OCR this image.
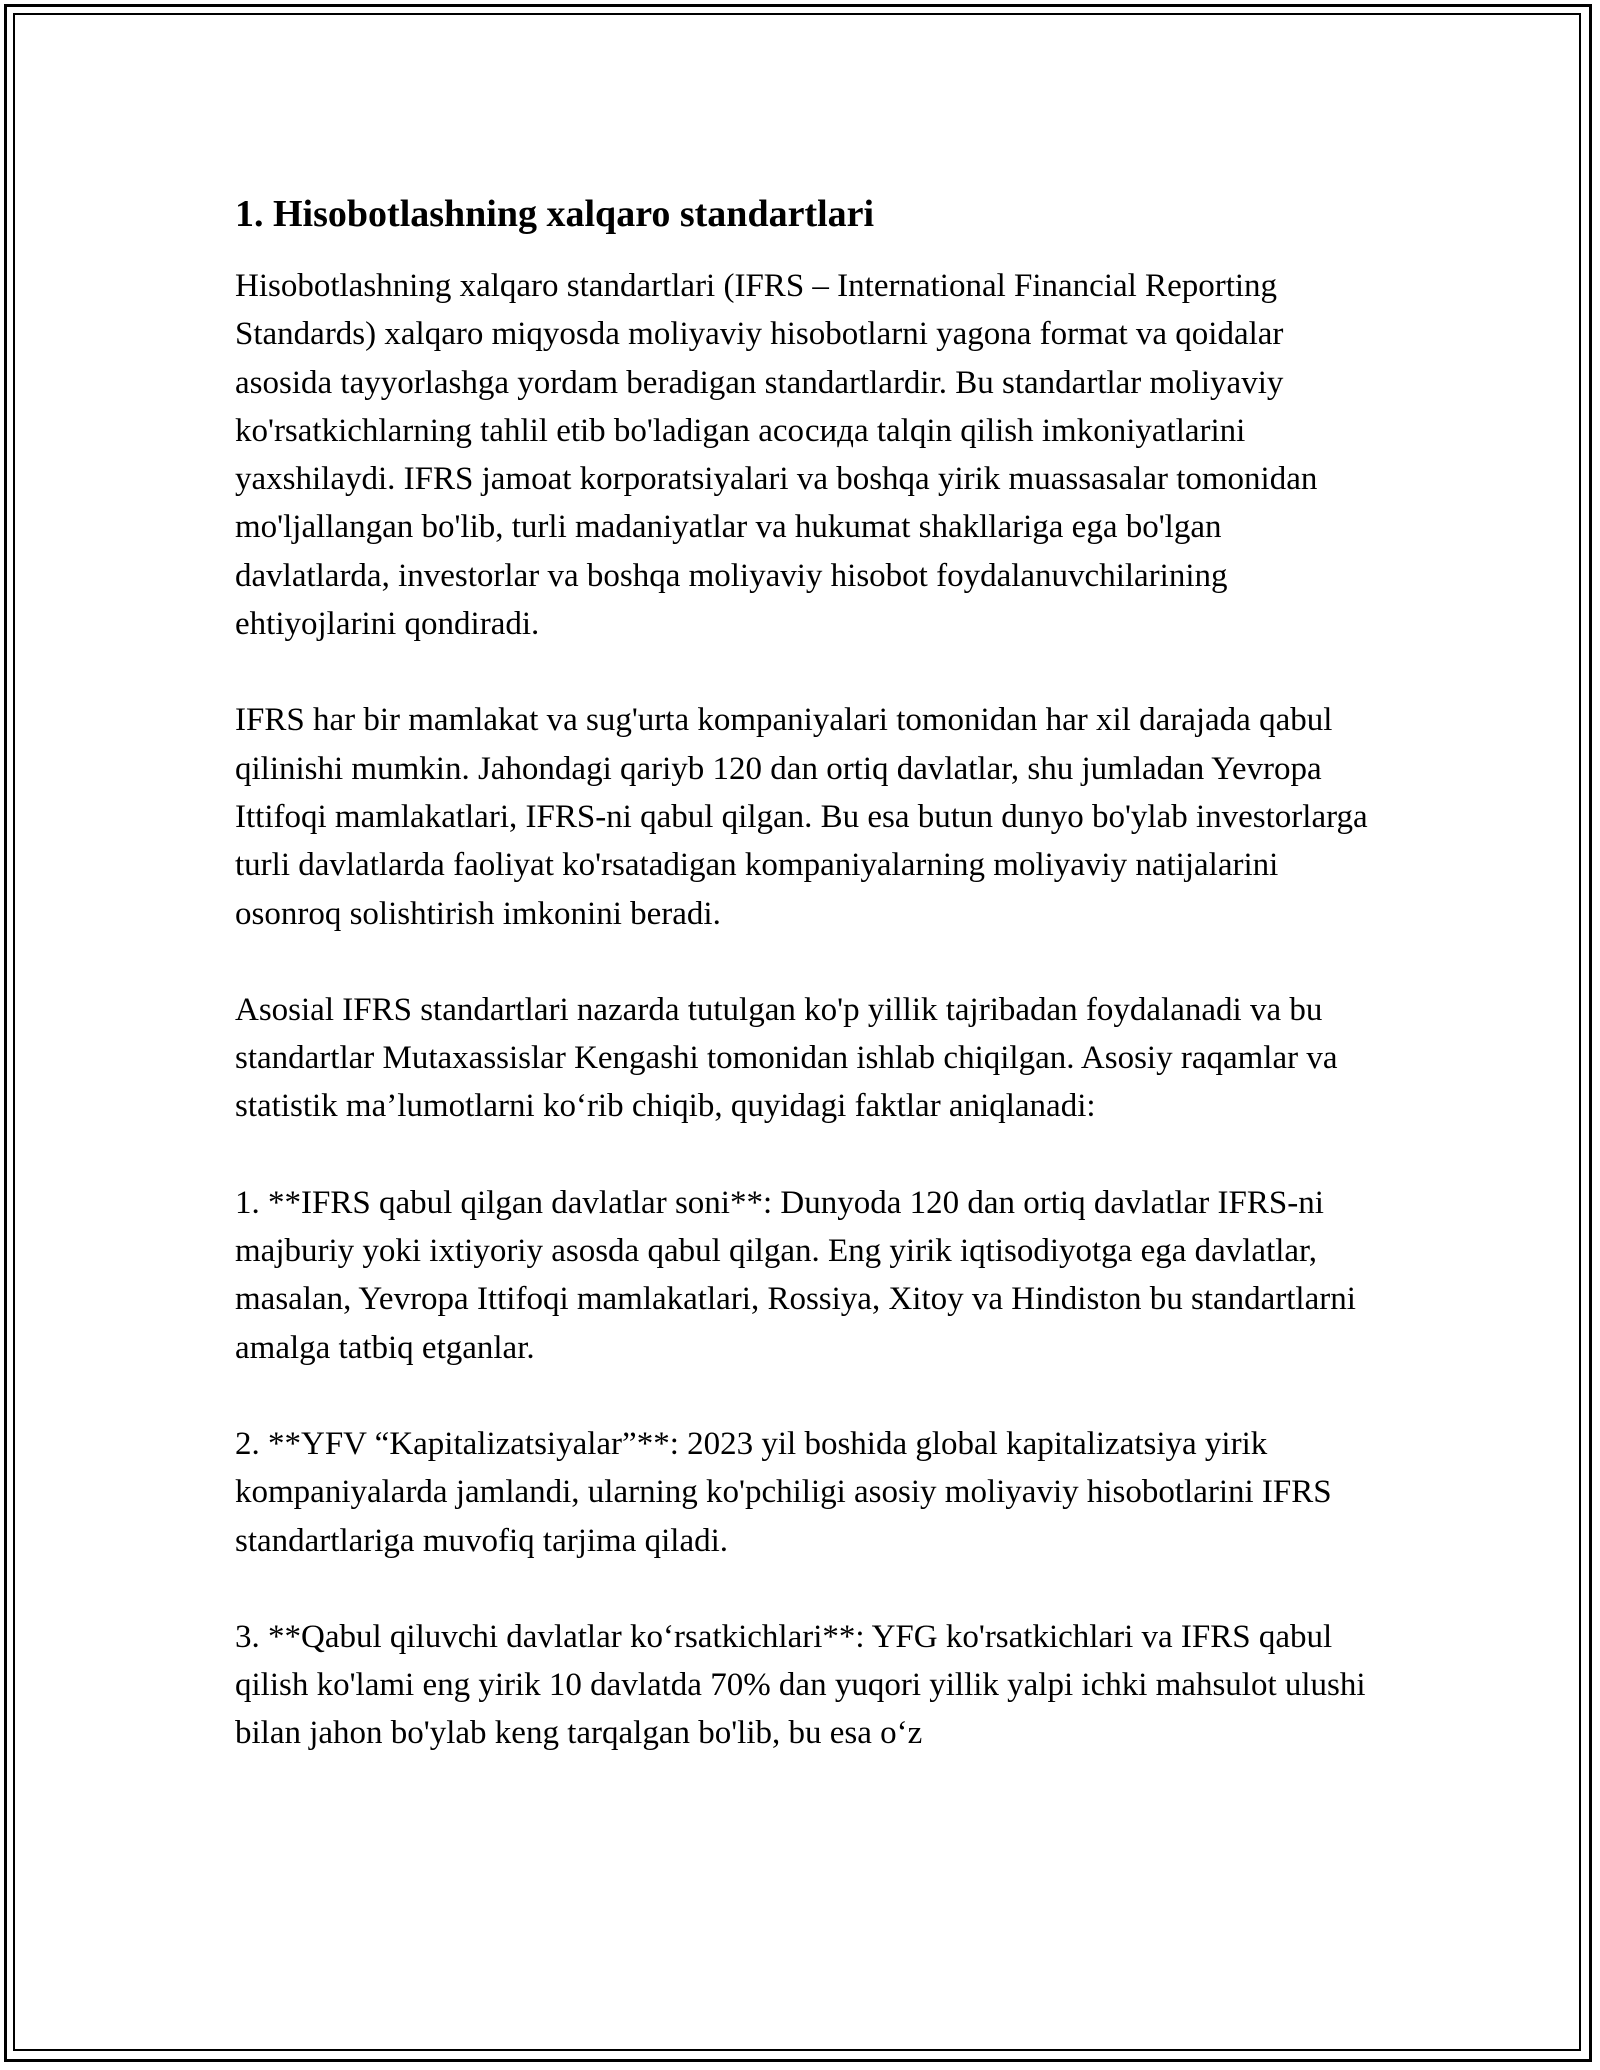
1. Hisobotlashning xalqaro standartlari

Hisobotlashning xalqaro standartlari (IFRS – International Financial Reporting Standards) xalqaro miqyosda moliyaviy hisobotlarni yagona format va qoidalar asosida tayyorlashga yordam beradigan standartlardir. Bu standartlar moliyaviy ko'rsatkichlarning tahlil etib bo'ladigan асосида talqin qilish imkoniyatlarini yaxshilaydi. IFRS jamoat korporatsiyalari va boshqa yirik muassasalar tomonidan mo'ljallangan bo'lib, turli madaniyatlar va hukumat shakllariga ega bo'lgan davlatlarda, investorlar va boshqa moliyaviy hisobot foydalanuvchilarining ehtiyojlarini qondiradi.

IFRS har bir mamlakat va sug'urta kompaniyalari tomonidan har xil darajada qabul qilinishi mumkin. Jahondagi qariyb 120 dan ortiq davlatlar, shu jumladan Yevropa Ittifoqi mamlakatlari, IFRS-ni qabul qilgan. Bu esa butun dunyo bo'ylab investorlarga turli davlatlarda faoliyat ko'rsatadigan kompaniyalarning moliyaviy natijalarini osonroq solishtirish imkonini beradi.

Asosial IFRS standartlari nazarda tutulgan ko'p yillik tajribadan foydalanadi va bu standartlar Mutaxassislar Kengashi tomonidan ishlab chiqilgan. Asosiy raqamlar va statistik ma’lumotlarni ko‘rib chiqib, quyidagi faktlar aniqlanadi:

1. **IFRS qabul qilgan davlatlar soni**: Dunyoda 120 dan ortiq davlatlar IFRS-ni majburiy yoki ixtiyoriy asosda qabul qilgan. Eng yirik iqtisodiyotga ega davlatlar, masalan, Yevropa Ittifoqi mamlakatlari, Rossiya, Xitoy va Hindiston bu standartlarni amalga tatbiq etganlar.

2. **YFV “Kapitalizatsiyalar”**: 2023 yil boshida global kapitalizatsiya yirik kompaniyalarda jamlandi, ularning ko'pchiligi asosiy moliyaviy hisobotlarini IFRS standartlariga muvofiq tarjima qiladi.

3. **Qabul qiluvchi davlatlar ko‘rsatkichlari**: YFG ko'rsatkichlari va IFRS qabul qilish ko'lami eng yirik 10 davlatda 70% dan yuqori yillik yalpi ichki mahsulot ulushi bilan jahon bo'ylab keng tarqalgan bo'lib, bu esa o‘z
